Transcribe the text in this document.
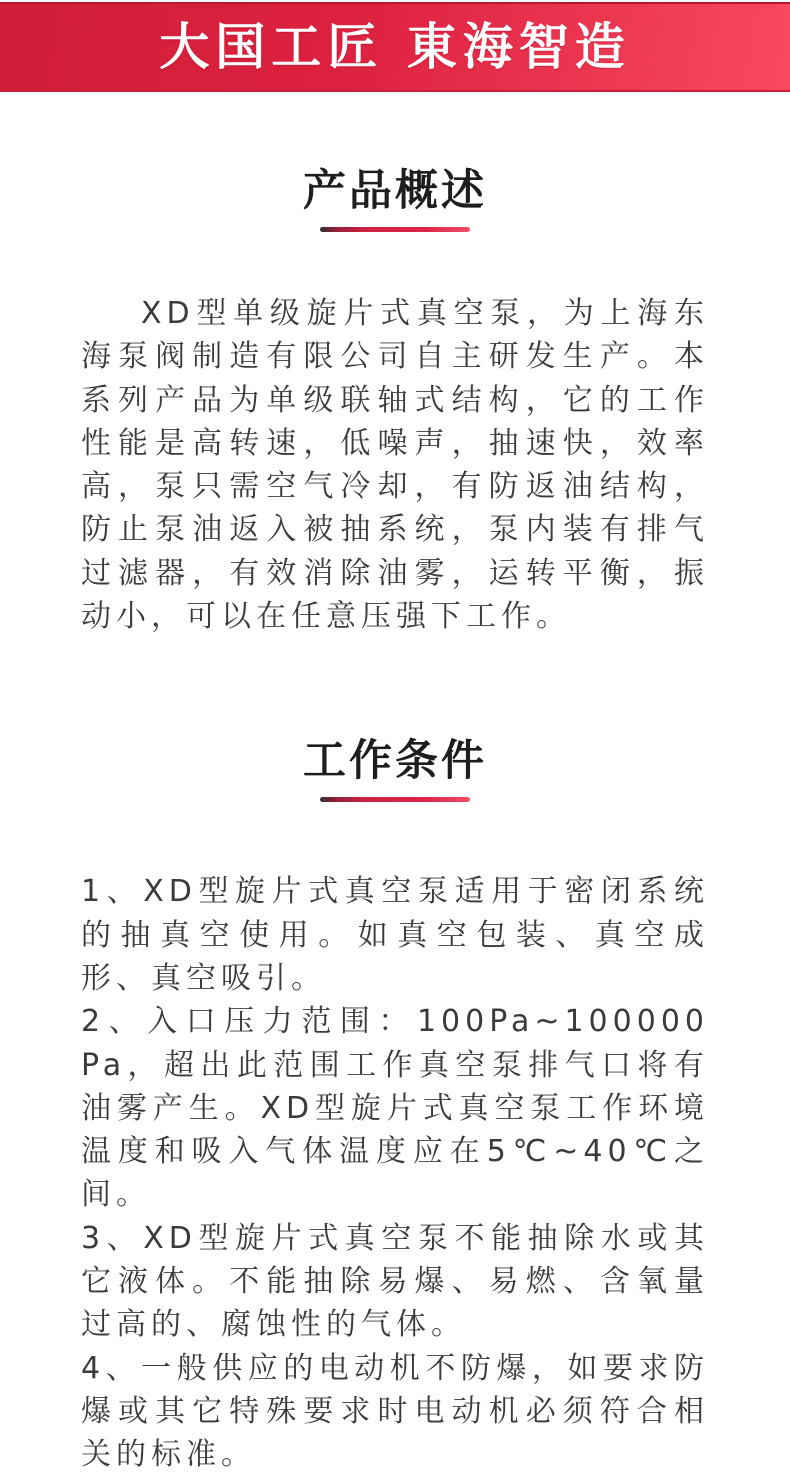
大国工匠 東海智造
产品概述

XD型单级旋片式真空泵，为上海东海泵阀制造有限公司自主研发生产。本系列产品为单级联轴式结构，它的工作性能是高转速，低噪声，抽速快，效率高，泵只需空气冷却，有防返油结构，防止泵油返入被抽系统，泵内装有排气过滤器，有效消除油雾，运转平衡，振动小，可以在任意压强下工作。

工作条件

1、XD型旋片式真空泵适用于密闭系统的抽真空使用。如真空包装、真空成形、真空吸引。

2、入口压力范围：100Pa~100000 Pa，超出此范围工作真空泵排气口将有油雾产生。XD型旋片式真空泵工作环境温度和吸入气体温度应在5℃~40℃之间。

3、XD型旋片式真空泵不能抽除水或其它液体。不能抽除易爆、易燃、含氧量过高的、腐蚀性的气体。

4、一般供应的电动机不防爆，如要求防爆或其它特殊要求时电动机必须符合相关的标准。
